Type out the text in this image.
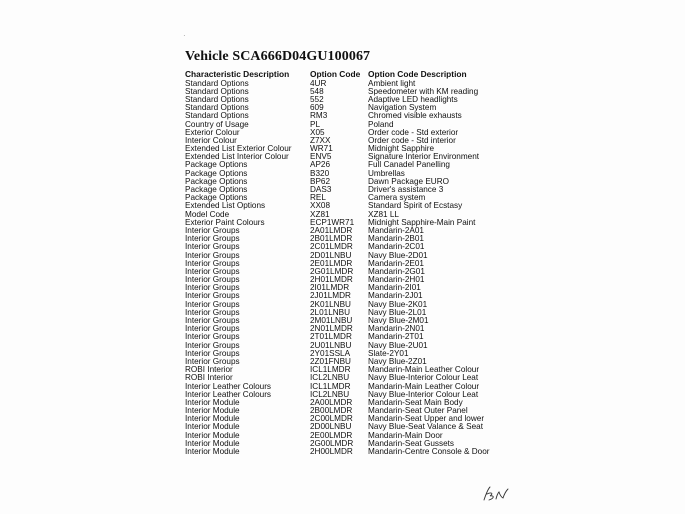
·
Vehicle SCA666D04GU100067
Characteristic Description	Option Code Option Code Description
Standard Options	4UR	Ambient light
Standard Options	548	Speedometer with KM reading
Standard Options	552	Adaptive LED headlights
Standard Options	609	Navigation System
Standard Options	RM3	Chromed visible exhausts
Country of Usage	PL	Poland
Exterior Colour	X05	Order code - Std exterior
Interior Colour	Z7XX	Order code - Std interior
Extended List Exterior Colour	WR71	Midnight Sapphire
Extended List Interior Colour	ENV5	Signature Interior Environment
Package Options	AP26	Full Canadel Panelling
Package Options	B320	Umbrellas
Package Options	BP62	Dawn Package EURO
Package Options	DAS3	Driver's assistance 3
Package Options	REL	Camera system
Extended List Options	XX08	Standard Spirit of Ecstasy
Model Code	XZ81	XZ81 LL
Exterior Paint Colours	ECP1WR71	Midnight Sapphire-Main Paint
Interior Groups	2A01LMDR	Mandarin-2A01
Interior Groups	2B01LMDR	Mandarin-2B01
Interior Groups	2C01LMDR	Mandarin-2C01
Interior Groups	2D01LNBU	Navy Blue-2D01
Interior Groups	2E01LMDR	Mandarin-2E01
Interior Groups	2G01LMDR	Mandarin-2G01
Interior Groups	2H01LMDR	Mandarin-2H01
Interior Groups	2I01LMDR	Mandarin-2I01
Interior Groups	2J01LMDR	Mandarin-2J01
Interior Groups	2K01LNBU	Navy Blue-2K01
Interior Groups	2L01LNBU	Navy Blue-2L01
Interior Groups	2M01LNBU	Navy Blue-2M01
Interior Groups	2N01LMDR	Mandarin-2N01
Interior Groups	2T01LMDR	Mandarin-2T01
Interior Groups	2U01LNBU	Navy Blue-2U01
Interior Groups	2Y01SSLA	Slate-2Y01
Interior Groups	2Z01FNBU	Navy Blue-2Z01
ROBI Interior	ICL1LMDR	Mandarin-Main Leather Colour
ROBI Interior	ICL2LNBU	Navy Blue-Interior Colour Leat
Interior Leather Colours	ICL1LMDR	Mandarin-Main Leather Colour
Interior Leather Colours	ICL2LNBU	Navy Blue-Interior Colour Leat
Interior Module	2A00LMDR	Mandarin-Seat Main Body
Interior Module	2B00LMDR	Mandarin-Seat Outer Panel
Interior Module	2C00LMDR	Mandarin-Seat Upper and lower
Interior Module	2D00LNBU	Navy Blue-Seat Valance & Seat
Interior Module	2E00LMDR	Mandarin-Main Door
Interior Module	2G00LMDR	Mandarin-Seat Gussets
Interior Module	2H00LMDR	Mandarin-Centre Console & Door
